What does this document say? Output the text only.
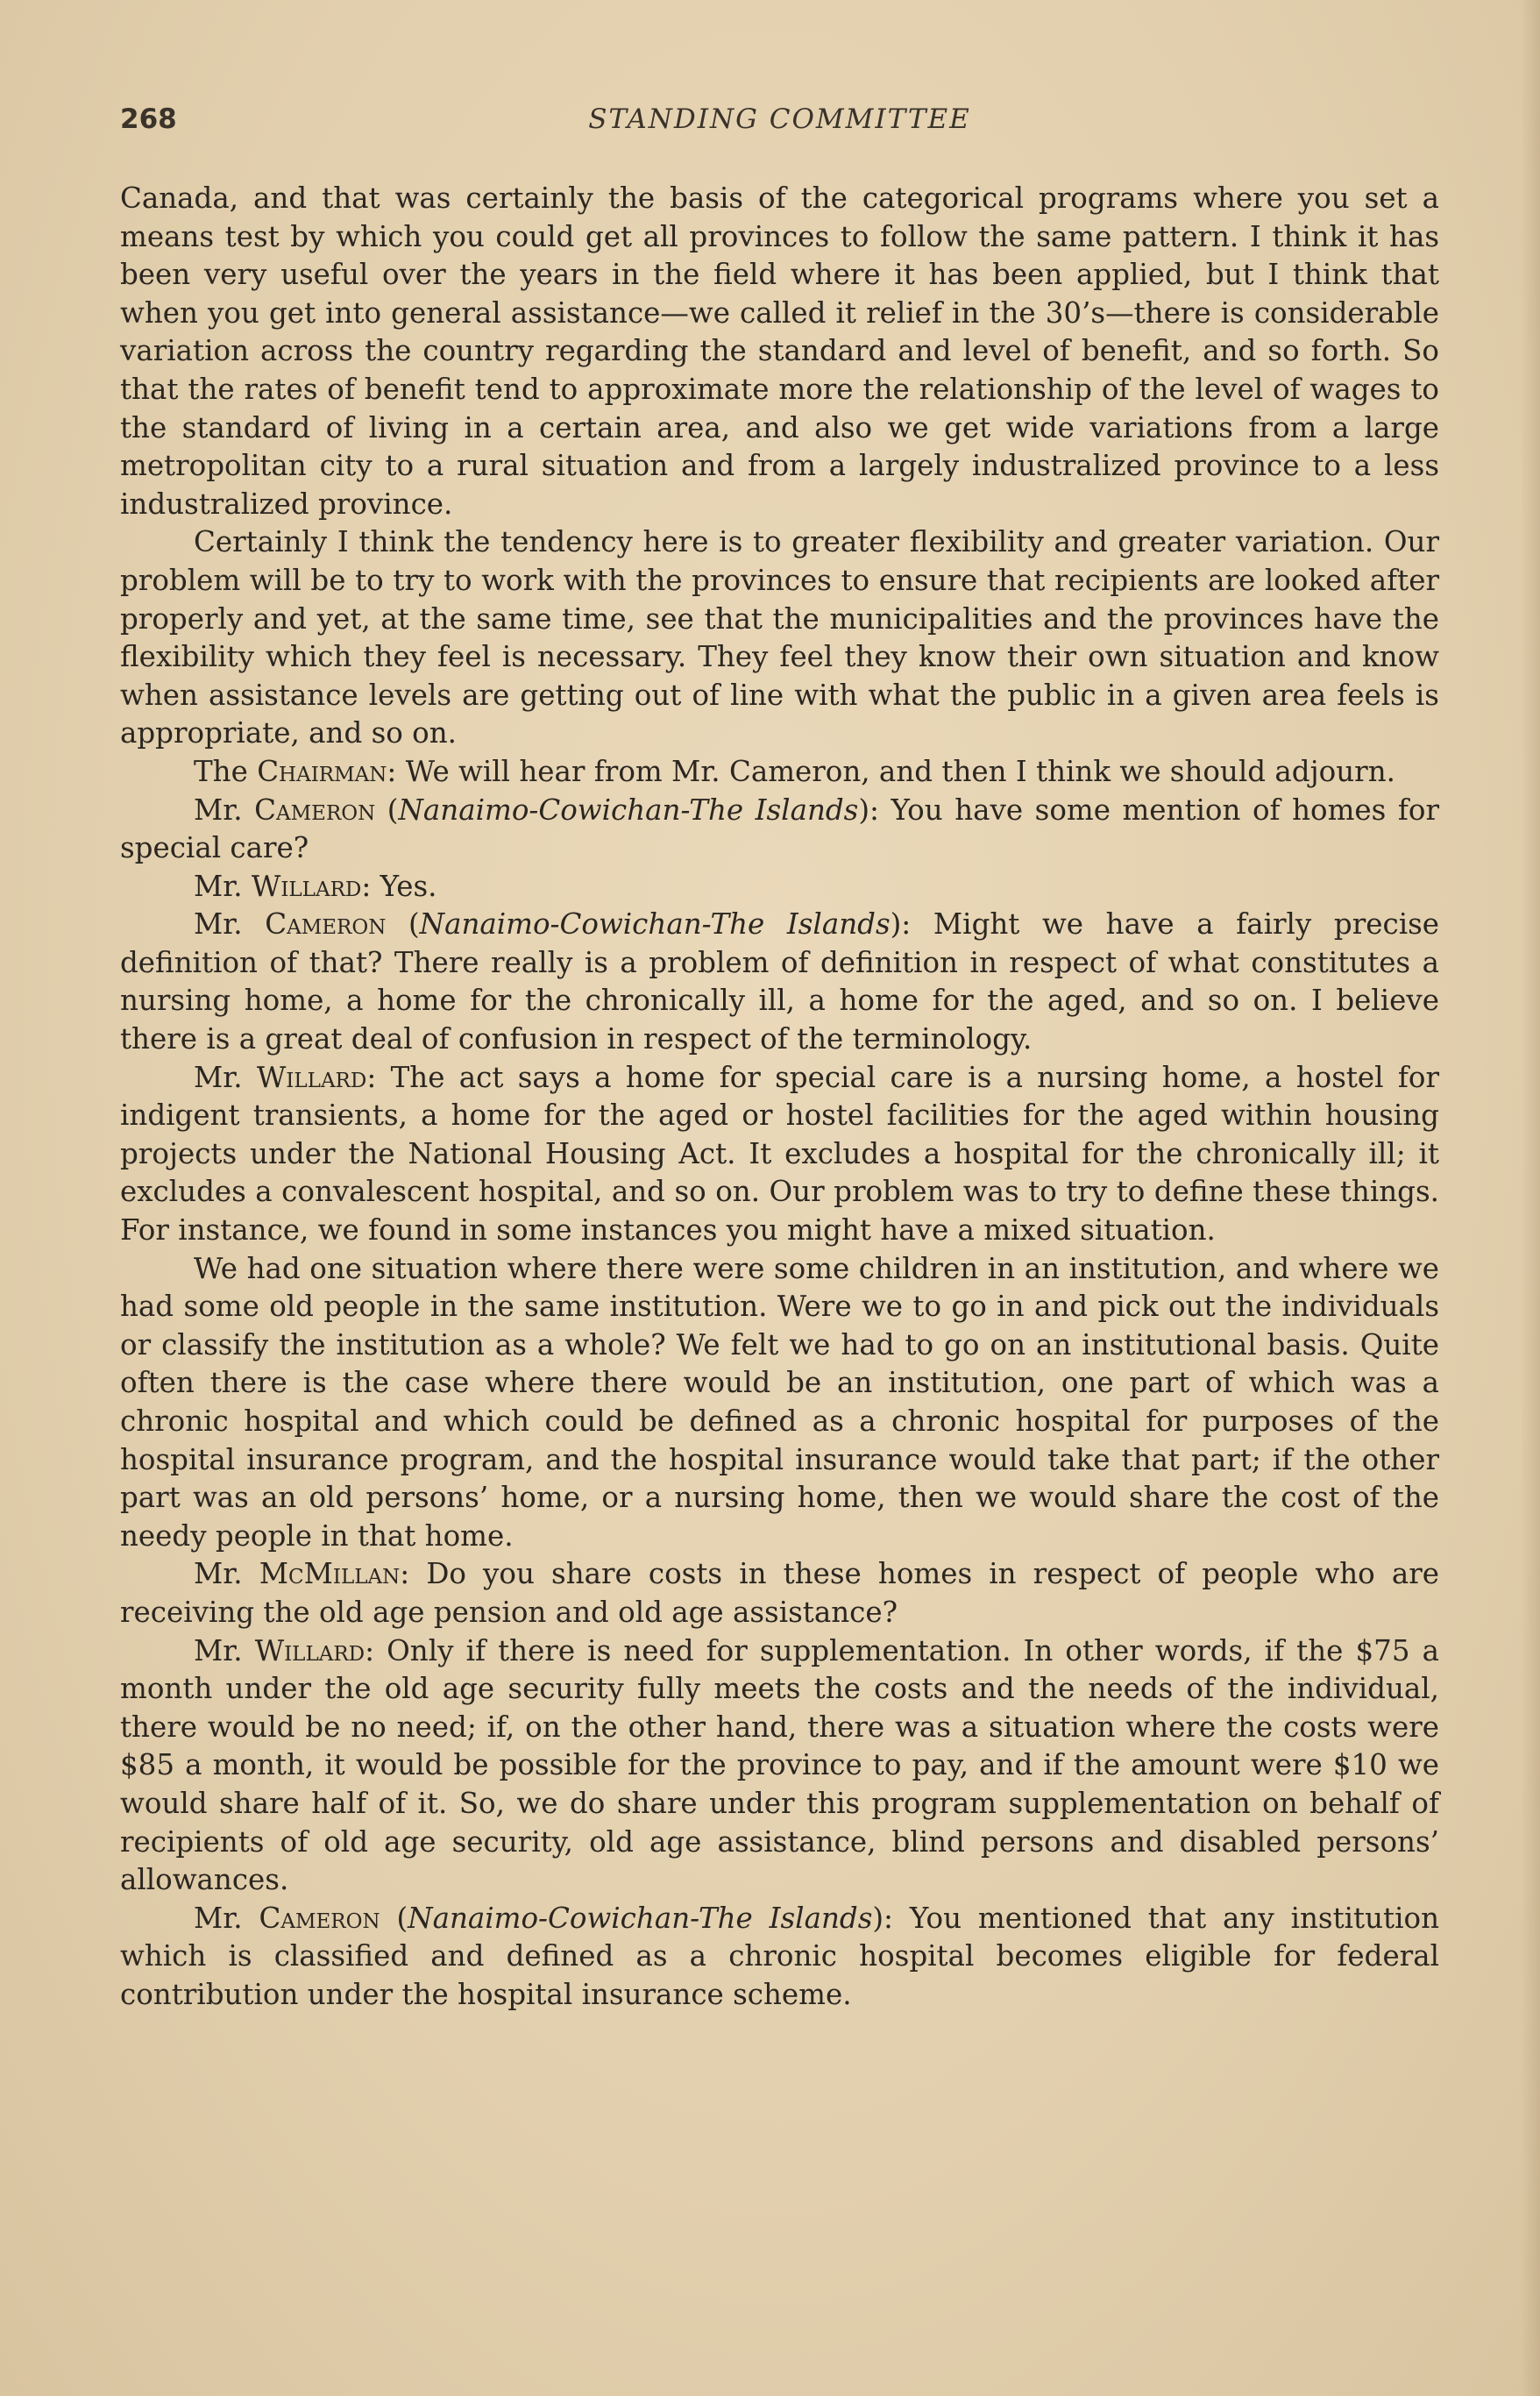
268	STANDING COMMITTEE

Canada, and that was certainly the basis of the categorical programs where you set a means test by which you could get all provinces to follow the same pattern. I think it has been very useful over the years in the field where it has been applied, but I think that when you get into general assistance—we called it relief in the 30’s—there is considerable variation across the country regarding the standard and level of benefit, and so forth. So that the rates of benefit tend to approximate more the relationship of the level of wages to the standard of living in a certain area, and also we get wide variations from a large metropolitan city to a rural situation and from a largely industralized province to a less industralized province.

Certainly I think the tendency here is to greater flexibility and greater variation. Our problem will be to try to work with the provinces to ensure that recipients are looked after properly and yet, at the same time, see that the municipalities and the provinces have the flexibility which they feel is necessary. They feel they know their own situation and know when assistance levels are getting out of line with what the public in a given area feels is appropriate, and so on.

The Chairman: We will hear from Mr. Cameron, and then I think we should adjourn.

Mr. Cameron (Nanaimo-Cowichan-The Islands): You have some mention of homes for special care?

Mr. Willard: Yes.

Mr. Cameron (Nanaimo-Cowichan-The Islands): Might we have a fairly precise definition of that? There really is a problem of definition in respect of what constitutes a nursing home, a home for the chronically ill, a home for the aged, and so on. I believe there is a great deal of confusion in respect of the terminology.

Mr. Willard: The act says a home for special care is a nursing home, a hostel for indigent transients, a home for the aged or hostel facilities for the aged within housing projects under the National Housing Act. It excludes a hospital for the chronically ill; it excludes a convalescent hospital, and so on. Our problem was to try to define these things. For instance, we found in some instances you might have a mixed situation.

We had one situation where there were some children in an institution, and where we had some old people in the same institution. Were we to go in and pick out the individuals or classify the institution as a whole? We felt we had to go on an institutional basis. Quite often there is the case where there would be an institution, one part of which was a chronic hospital and which could be defined as a chronic hospital for purposes of the hospital insurance program, and the hospital insurance would take that part; if the other part was an old persons’ home, or a nursing home, then we would share the cost of the needy people in that home.

Mr. McMillan: Do you share costs in these homes in respect of people who are receiving the old age pension and old age assistance?

Mr. Willard: Only if there is need for supplementation. In other words, if the $75 a month under the old age security fully meets the costs and the needs of the individual, there would be no need; if, on the other hand, there was a situation where the costs were $85 a month, it would be possible for the province to pay, and if the amount were $10 we would share half of it. So, we do share under this program supplementation on behalf of recipients of old age security, old age assistance, blind persons and disabled persons’ allowances.

Mr. Cameron (Nanaimo-Cowichan-The Islands): You mentioned that any institution which is classified and defined as a chronic hospital becomes eligible for federal contribution under the hospital insurance scheme.
